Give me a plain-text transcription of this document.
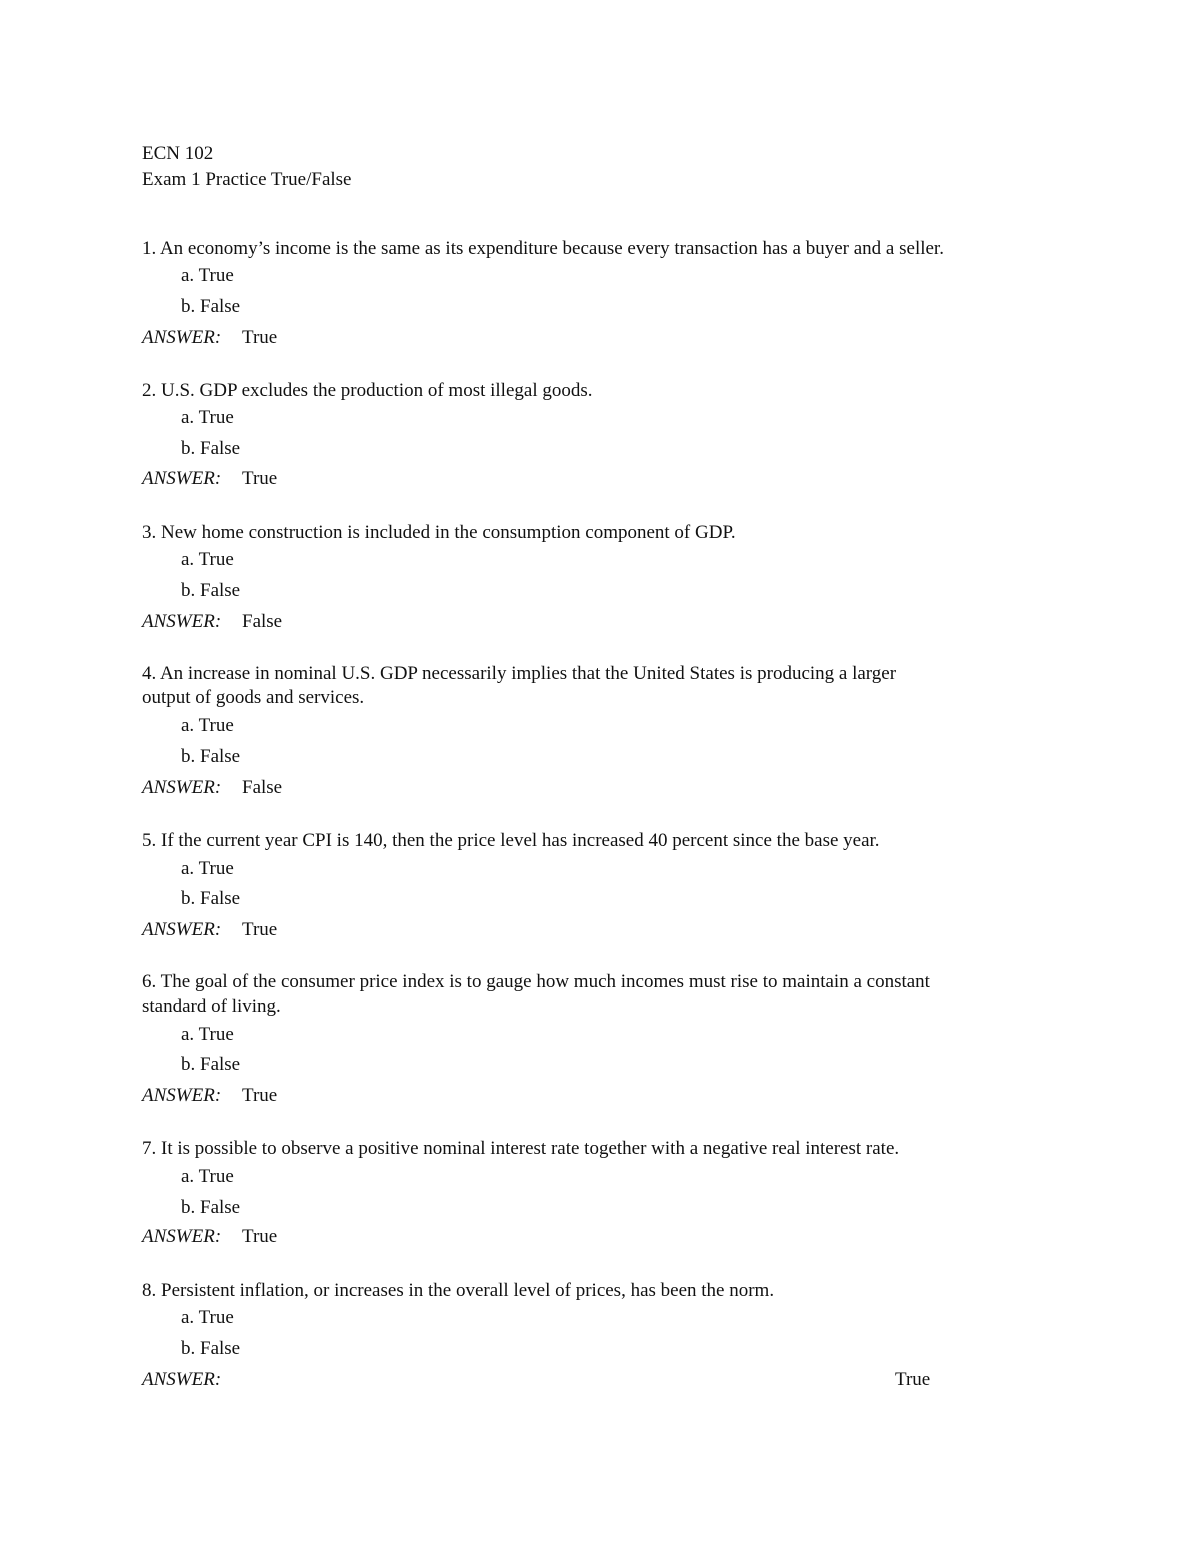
ECN 102
Exam 1 Practice True/False
1. An economy’s income is the same as its expenditure because every transaction has a buyer and a seller.
a. True
b. False
ANSWER: True
2. U.S. GDP excludes the production of most illegal goods.
a. True
b. False
ANSWER: True
3. New home construction is included in the consumption component of GDP.
a. True
b. False
ANSWER: False
4. An increase in nominal U.S. GDP necessarily implies that the United States is producing a larger
output of goods and services.
a. True
b. False
ANSWER: False
5. If the current year CPI is 140, then the price level has increased 40 percent since the base year.
a. True
b. False
ANSWER: True
6. The goal of the consumer price index is to gauge how much incomes must rise to maintain a constant
standard of living.
a. True
b. False
ANSWER: True
7. It is possible to observe a positive nominal interest rate together with a negative real interest rate.
a. True
b. False
ANSWER: True
8. Persistent inflation, or increases in the overall level of prices, has been the norm.
a. True
b. False
ANSWER:	True
